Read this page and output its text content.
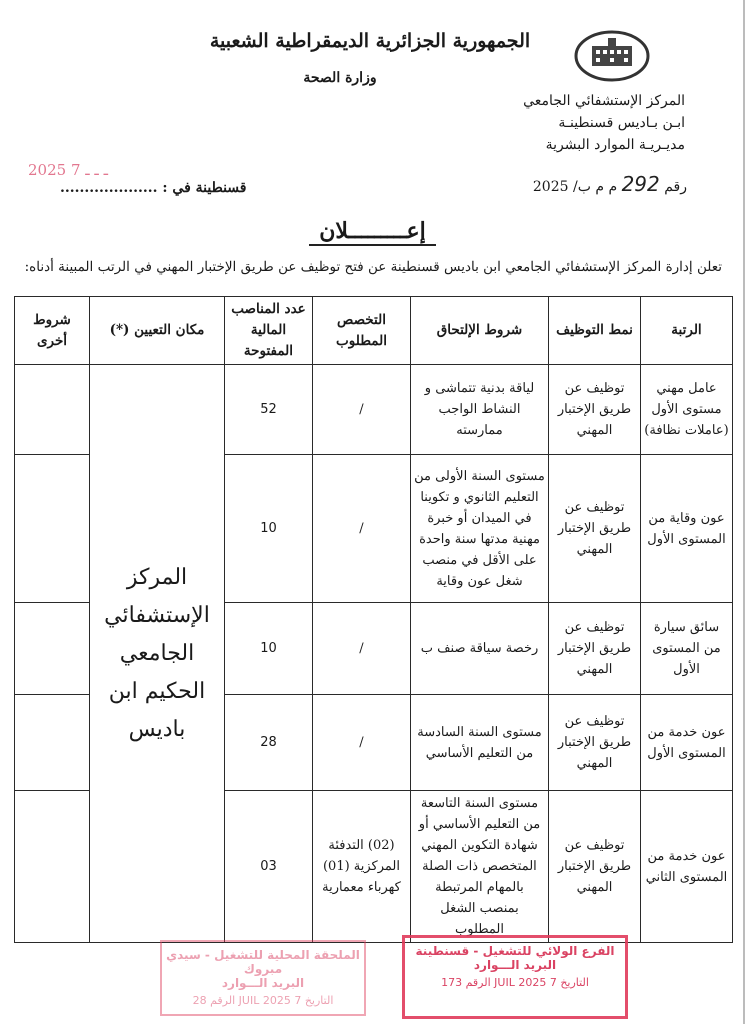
الجمهورية الجزائرية الديمقراطية الشعبية
وزارة الصحة
المركز الإستشفائي الجامعي
ابـن بـاديس قسنطينـة
مديـريـة الموارد البشرية
2025 7 ـ ـ ـ
قسنطينة في : ....................	رقم 292 م م ب/ 2025
إعـــــــــلان
تعلن إدارة المركز الإستشفائي الجامعي ابن باديس قسنطينة عن فتح توظيف عن طريق الإختبار المهني في الرتب المبينة أدناه:
الرتبة	نمط التوظيف	شروط الإلتحاق	التخصص المطلوب	عدد المناصب المالية المفتوحة	مكان التعيين (*)	شروط أخرى
عامل مهني مستوى الأول (عاملات نظافة)	توظيف عن طريق الإختبار المهني	لياقة بدنية تتماشى و النشاط الواجب ممارسته	/	52	المركز الإستشفائي الجامعي الحكيم ابن باديس	
عون وقاية من المستوى الأول	توظيف عن طريق الإختبار المهني	مستوى السنة الأولى من التعليم الثانوي و تكوينا في الميدان أو خبرة مهنية مدتها سنة واحدة على الأقل في منصب شغل عون وقاية	/	10		
سائق سيارة من المستوى الأول	توظيف عن طريق الإختبار المهني	رخصة سياقة صنف ب	/	10		
عون خدمة من المستوى الأول	توظيف عن طريق الإختبار المهني	مستوى السنة السادسة من التعليم الأساسي	/	28		
عون خدمة من المستوى الثاني	توظيف عن طريق الإختبار المهني	مستوى السنة التاسعة من التعليم الأساسي أو شهادة التكوين المهني المتخصص ذات الصلة بالمهام المرتبطة بمنصب الشغل المطلوب	(02) التدفئة المركزية (01) كهرباء معمارية	03		
الملحقة المحلية للتشغيل - سيدي مبروك
البريد الـــوارد
التاريخ 7 JUIL 2025 الرقم 28
الفرع الولائي للتشغيل - قسنطينة
البريد الـــوارد
التاريخ 7 JUIL 2025 الرقم 173
